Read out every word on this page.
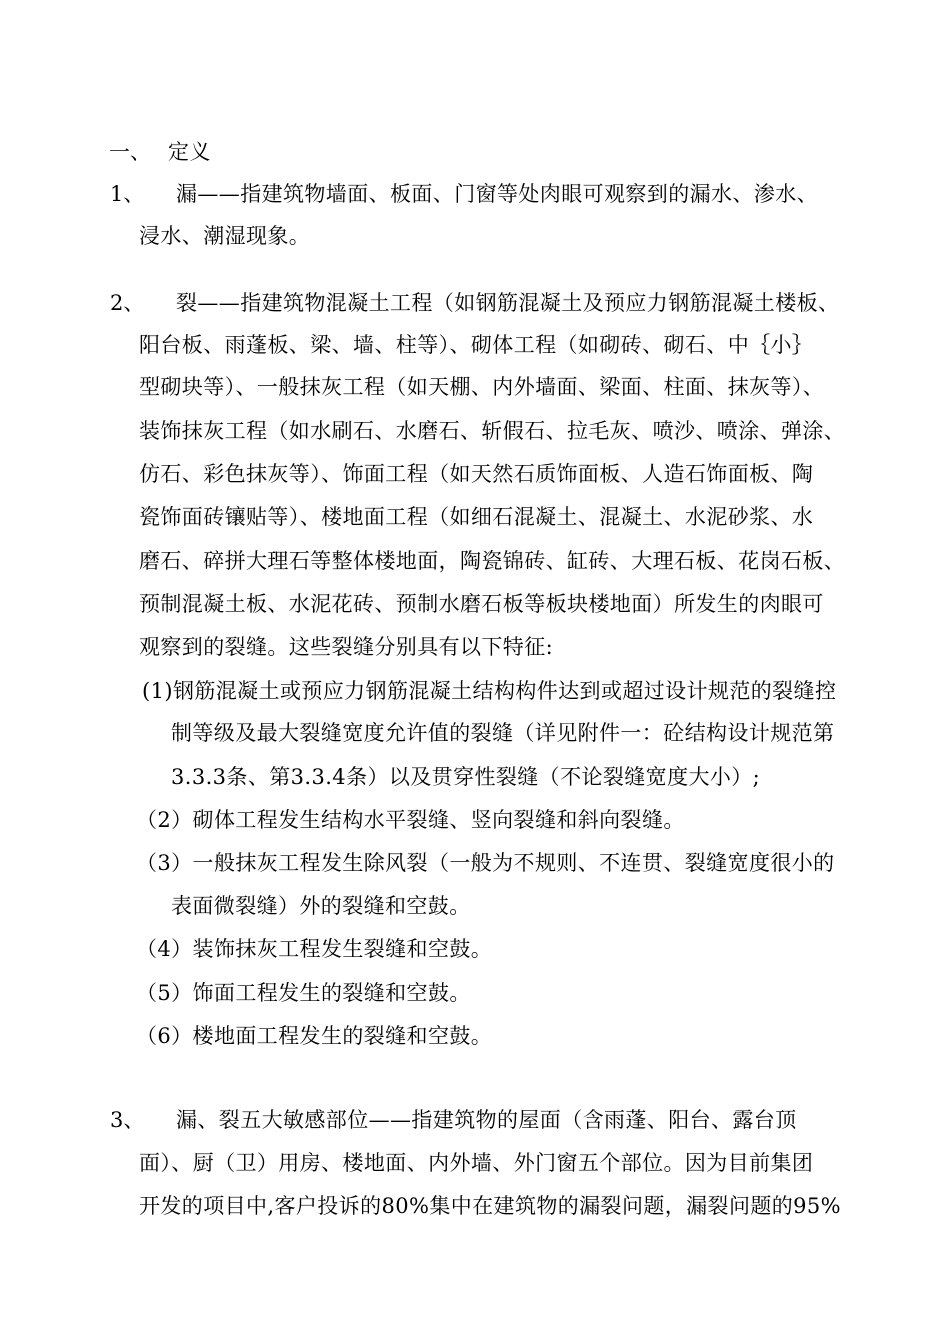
一、 定义
1、 漏——指建筑物墙面、板面、门窗等处肉眼可观察到的漏水、渗水、
浸水、潮湿现象。
2、 裂——指建筑物混凝土工程（如钢筋混凝土及预应力钢筋混凝土楼板、
阳台板、雨蓬板、梁、墙、柱等）、砌体工程（如砌砖、砌石、中｛小｝
型砌块等）、一般抹灰工程（如天棚、内外墙面、梁面、柱面、抹灰等）、
装饰抹灰工程（如水刷石、水磨石、斩假石、拉毛灰、喷沙、喷涂、弹涂、
仿石、彩色抹灰等）、饰面工程（如天然石质饰面板、人造石饰面板、陶
瓷饰面砖镶贴等）、楼地面工程（如细石混凝土、混凝土、水泥砂浆、水
磨石、碎拼大理石等整体楼地面，陶瓷锦砖、缸砖、大理石板、花岗石板、
预制混凝土板、水泥花砖、预制水磨石板等板块楼地面）所发生的肉眼可
观察到的裂缝。这些裂缝分别具有以下特征:
(1)钢筋混凝土或预应力钢筋混凝土结构构件达到或超过设计规范的裂缝控
制等级及最大裂缝宽度允许值的裂缝（详见附件一：砼结构设计规范第
3.3.3条、第3.3.4条）以及贯穿性裂缝（不论裂缝宽度大小）;
（2）砌体工程发生结构水平裂缝、竖向裂缝和斜向裂缝。
（3）一般抹灰工程发生除风裂（一般为不规则、不连贯、裂缝宽度很小的
表面微裂缝）外的裂缝和空鼓。
（4）装饰抹灰工程发生裂缝和空鼓。
（5）饰面工程发生的裂缝和空鼓。
（6）楼地面工程发生的裂缝和空鼓。
3、 漏、裂五大敏感部位——指建筑物的屋面（含雨蓬、阳台、露台顶
面）、厨（卫）用房、楼地面、内外墙、外门窗五个部位。因为目前集团
开发的项目中,客户投诉的80%集中在建筑物的漏裂问题，漏裂问题的95%
